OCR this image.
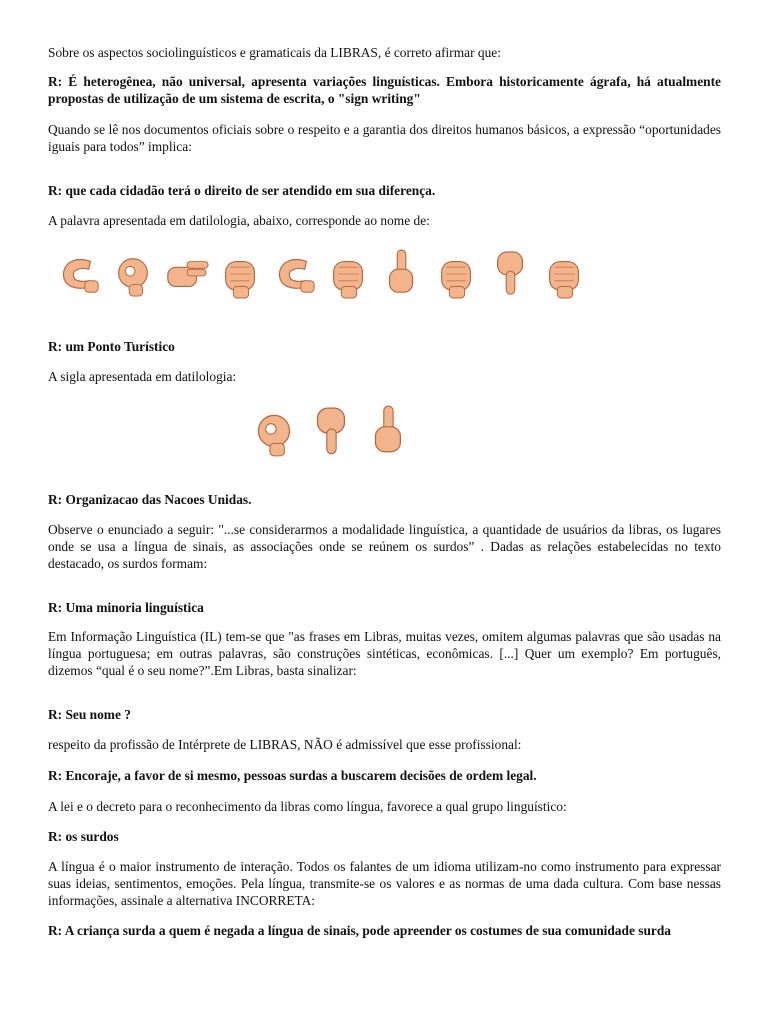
Sobre os aspectos sociolinguísticos e gramaticais da LIBRAS, é correto afirmar que:

R: É heterogênea, não universal, apresenta variações linguísticas. Embora historicamente ágrafa, há atualmente propostas de utilização de um sistema de escrita, o "sign writing"

Quando se lê nos documentos oficiais sobre o respeito e a garantia dos direitos humanos básicos, a expressão “oportunidades iguais para todos” implica:

R: que cada cidadão terá o direito de ser atendido em sua diferença.

A palavra apresentada em datilologia, abaixo, corresponde ao nome de:

R: um Ponto Turístico

A sigla apresentada em datilologia:

R: Organizacao das Nacoes Unidas.

Observe o enunciado a seguir: "...se considerarmos a modalidade linguística, a quantidade de usuários da libras, os lugares onde se usa a língua de sinais, as associações onde se reúnem os surdos” . Dadas as relações estabelecidas no texto destacado, os surdos formam:

R: Uma minoria linguística

Em Informação Linguística (IL) tem-se que "as frases em Libras, muitas vezes, omitem algumas palavras que são usadas na língua portuguesa; em outras palavras, são construções sintéticas, econômicas. [...] Quer um exemplo? Em português, dizemos “qual é o seu nome?”.Em Libras, basta sinalizar:

R: Seu nome ?

respeito da profissão de Intérprete de LIBRAS, NÃO é admissível que esse profissional:

R: Encoraje, a favor de si mesmo, pessoas surdas a buscarem decisões de ordem legal.

A lei e o decreto para o reconhecimento da libras como língua, favorece a qual grupo linguístico:

R: os surdos

A língua é o maior instrumento de interação. Todos os falantes de um idioma utilizam-no como instrumento para expressar suas ideias, sentimentos, emoções. Pela língua, transmite-se os valores e as normas de uma dada cultura. Com base nessas informações, assinale a alternativa INCORRETA:

R: A criança surda a quem é negada a língua de sinais, pode apreender os costumes de sua comunidade surda
